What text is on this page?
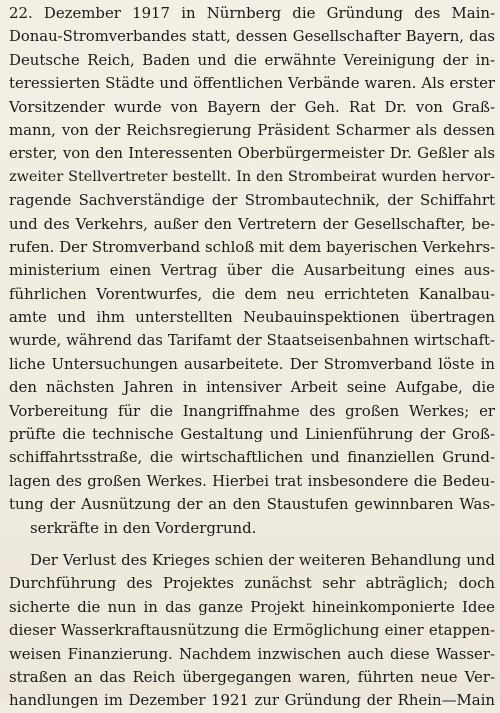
22. Dezember 1917 in Nürnberg die Gründung des Main-
Donau-Stromverbandes statt, dessen Gesellschafter Bayern, das
Deutsche Reich, Baden und die erwähnte Vereinigung der in-
teressierten Städte und öffentlichen Verbände waren. Als erster
Vorsitzender wurde von Bayern der Geh. Rat Dr. von Graß-
mann, von der Reichsregierung Präsident Scharmer als dessen
erster, von den Interessenten Oberbürgermeister Dr. Geßler als
zweiter Stellvertreter bestellt. In den Strombeirat wurden hervor-
ragende Sachverständige der Strombautechnik, der Schiffahrt
und des Verkehrs, außer den Vertretern der Gesellschafter, be-
rufen. Der Stromverband schloß mit dem bayerischen Verkehrs-
ministerium einen Vertrag über die Ausarbeitung eines aus-
führlichen Vorentwurfes, die dem neu errichteten Kanalbau-
amte und ihm unterstellten Neubauinspektionen übertragen
wurde, während das Tarifamt der Staatseisenbahnen wirtschaft-
liche Untersuchungen ausarbeitete. Der Stromverband löste in
den nächsten Jahren in intensiver Arbeit seine Aufgabe, die
Vorbereitung für die Inangriffnahme des großen Werkes; er
prüfte die technische Gestaltung und Linienführung der Groß-
schiffahrtsstraße, die wirtschaftlichen und finanziellen Grund-
lagen des großen Werkes. Hierbei trat insbesondere die Bedeu-
tung der Ausnützung der an den Staustufen gewinnbaren Was-
serkräfte in den Vordergrund.
Der Verlust des Krieges schien der weiteren Behandlung und
Durchführung des Projektes zunächst sehr abträglich; doch
sicherte die nun in das ganze Projekt hineinkomponierte Idee
dieser Wasserkraftausnützung die Ermöglichung einer etappen-
weisen Finanzierung. Nachdem inzwischen auch diese Wasser-
straßen an das Reich übergegangen waren, führten neue Ver-
handlungen im Dezember 1921 zur Gründung der Rhein—Main
